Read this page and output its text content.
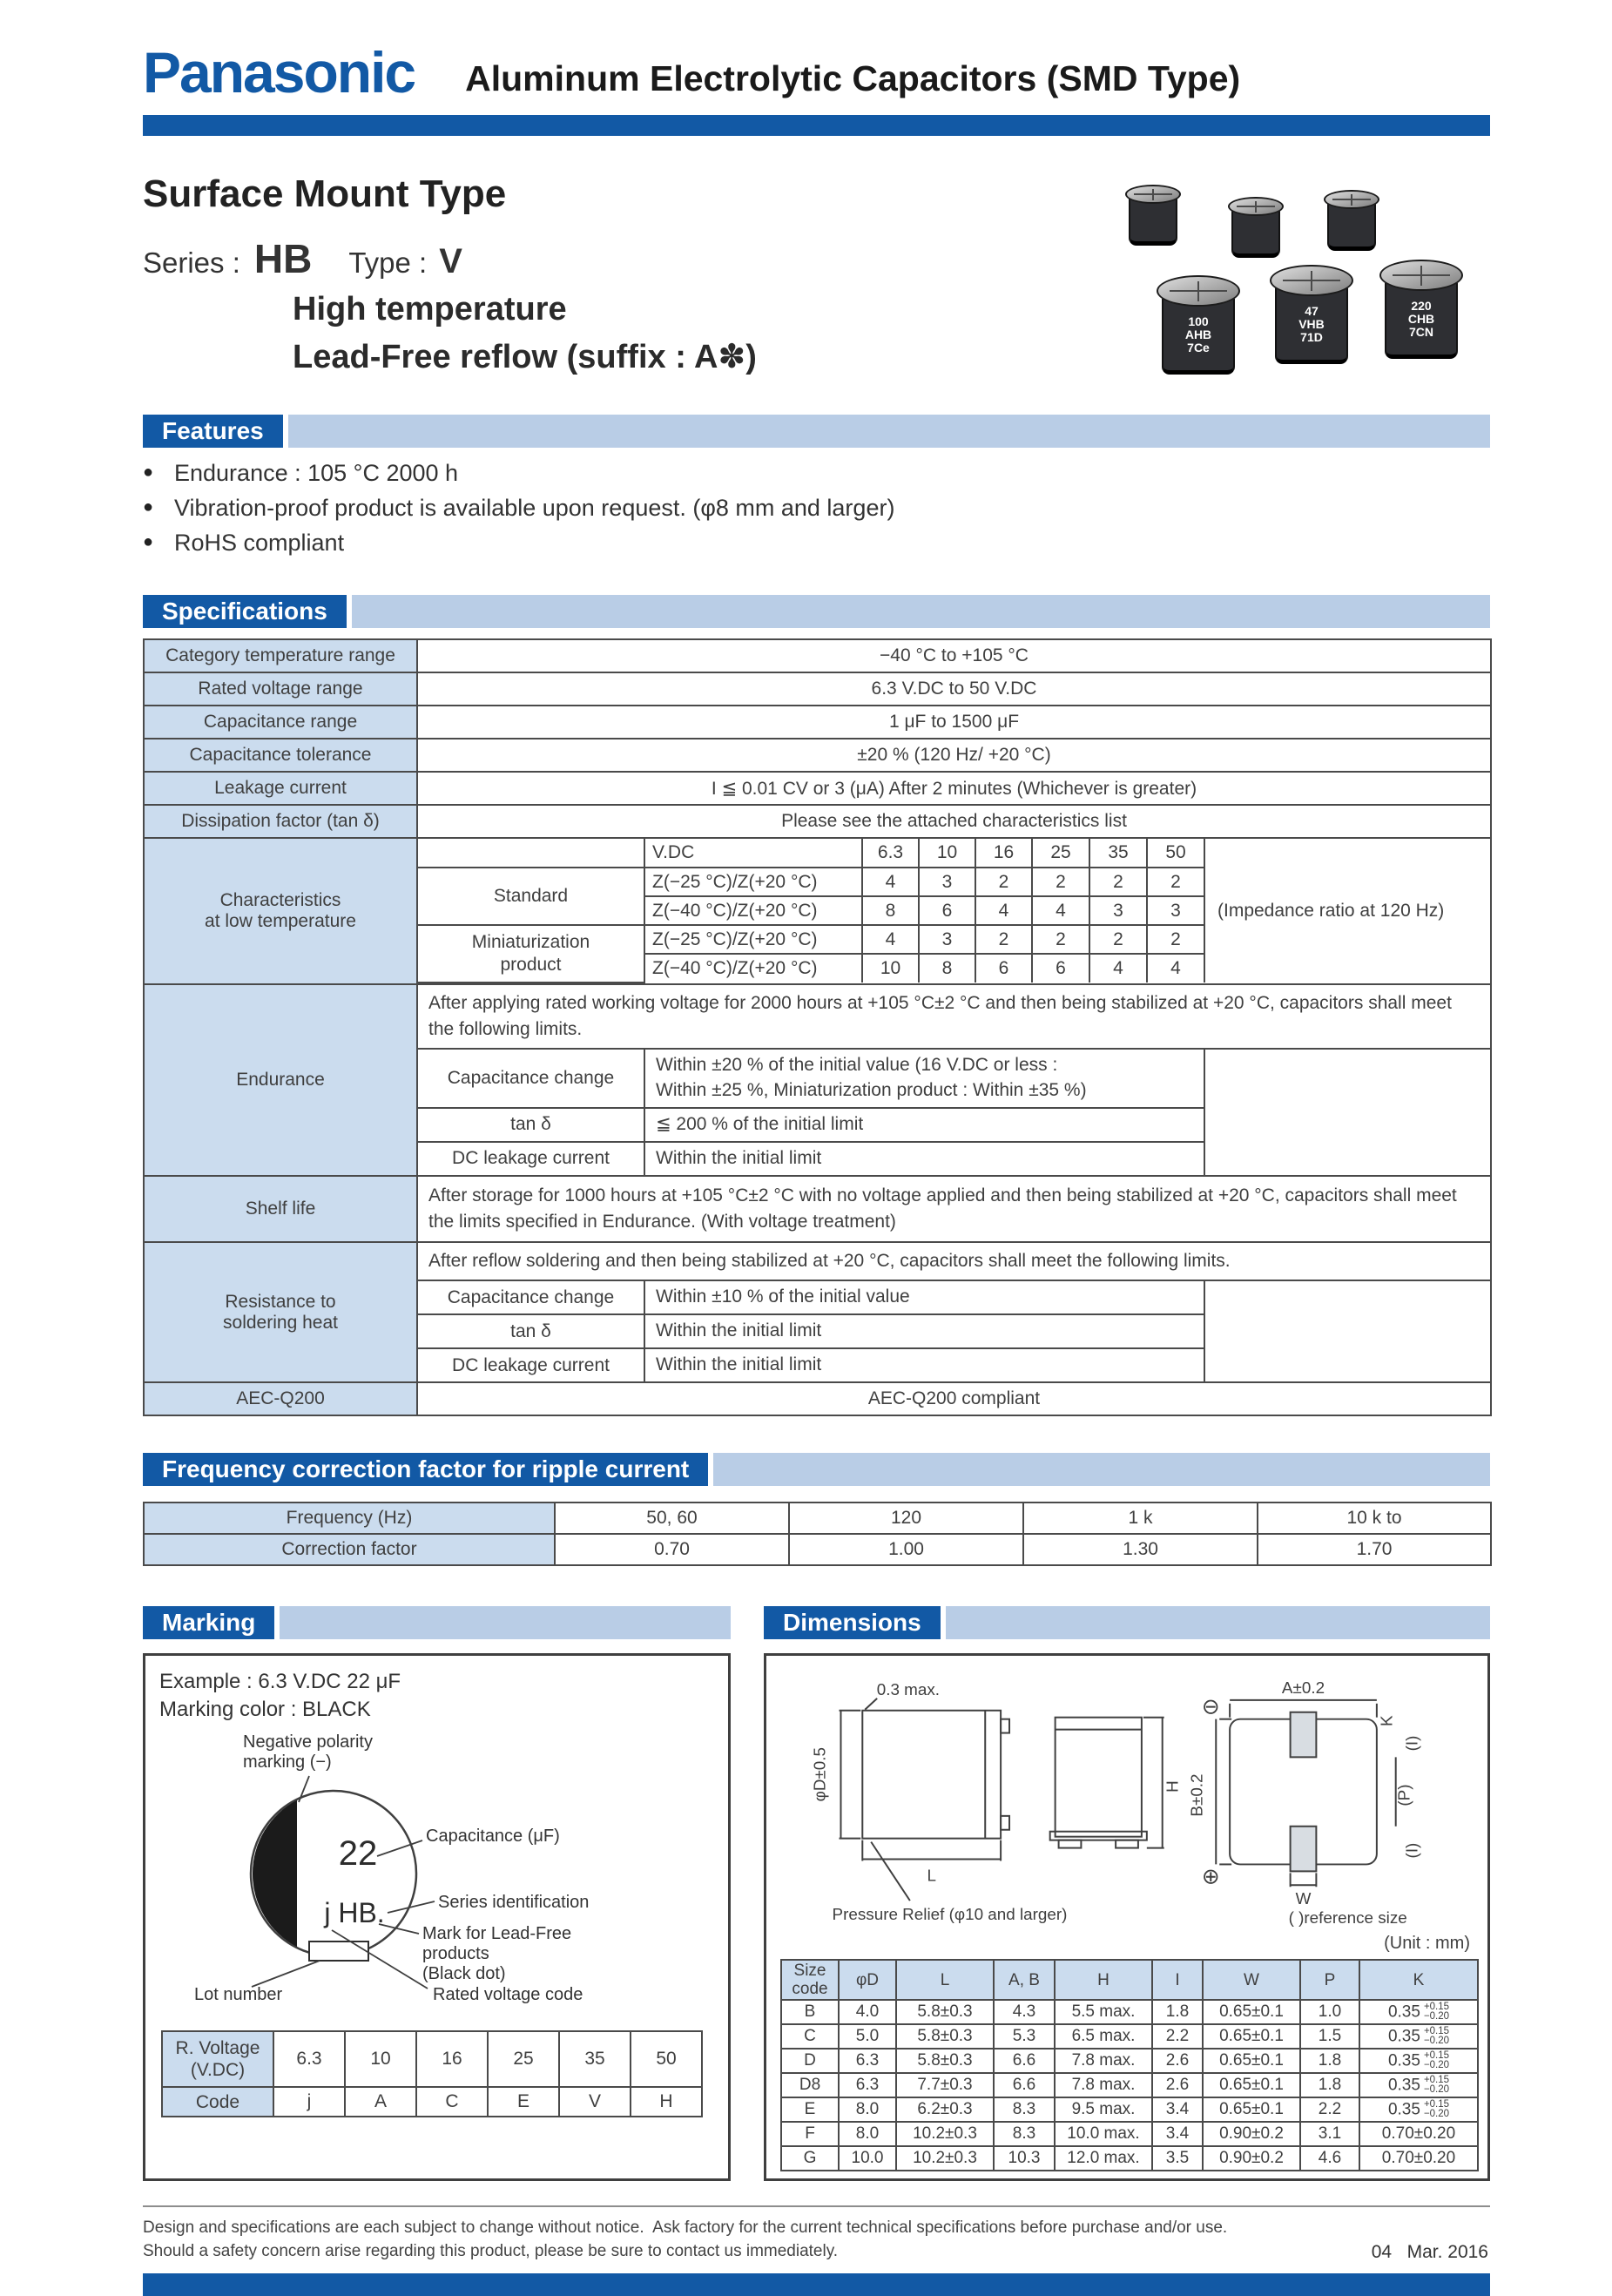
Panasonic Aluminum Electrolytic Capacitors (SMD Type)
Surface Mount Type
Series : HB Type : V
High temperature
Lead-Free reflow (suffix : A✽)
100
AHB
7Ce
47
VHB
71D
220
CHB
7CN
Features
● Endurance : 105 °C 2000 h
● Vibration-proof product is available upon request. (φ8 mm and larger)
● RoHS compliant
Specifications
Category temperature range	−40 °C to +105 °C
Rated voltage range	6.3 V.DC to 50 V.DC
Capacitance range	1 μF to 1500 μF
Capacitance tolerance	±20 % (120 Hz/ +20 °C)
Leakage current	I ≦ 0.01 CV or 3 (μA) After 2 minutes (Whichever is greater)
Dissipation factor (tan δ)	Please see the attached characteristics list
Characteristics
at low temperature	
	V.DC	6.3	10	16	25	35	50
Standard	Z(−25 °C)/Z(+20 °C)	4	3	2	2	2	2
Z(−40 °C)/Z(+20 °C)	8	6	4	4	3	3
Miniaturization
product	Z(−25 °C)/Z(+20 °C)	4	3	2	2	2	2
Z(−40 °C)/Z(+20 °C)	10	8	6	6	4	4
(Impedance ratio at 120 Hz)

Endurance	
After applying rated working voltage for 2000 hours at +105 °C±2 °C and then being stabilized at +20 °C, capacitors shall meet the following limits.
Capacitance change	Within ±20 % of the initial value (16 V.DC or less :
Within ±25 %, Miniaturization product : Within ±35 %)
tan δ	≦ 200 % of the initial limit
DC leakage current	Within the initial limit

Shelf life	After storage for 1000 hours at +105 °C±2 °C with no voltage applied and then being stabilized at +20 °C, capacitors shall meet the limits specified in Endurance. (With voltage treatment)
Resistance to
soldering heat	
After reflow soldering and then being stabilized at +20 °C, capacitors shall meet the following limits.
Capacitance change	Within ±10 % of the initial value
tan δ	Within the initial limit
DC leakage current	Within the initial limit

AEC-Q200	AEC-Q200 compliant
Frequency correction factor for ripple current
Frequency (Hz)	50, 60	120	1 k	10 k to
Correction factor	0.70	1.00	1.30	1.70
Marking
Example : 6.3 V.DC 22 μF
Marking color : BLACK
22
j HB.
Negative polarity
marking (−)
Capacitance (μF)
Series identification
Mark for Lead-Free
products
(Black dot)
Rated voltage code
Lot number
R. Voltage
(V.DC)	6.3	10	16	25	35	50
Code	j	A	C	E	V	H
Dimensions
0.3 max.
φD±0.5
L
Pressure Relief (φ10 and larger)
H
A±0.2
B±0.2	(P)
K
(I)
(I)
W
⊖
⊕
( )reference size
(Unit : mm)
Size
code	φD	L	A, B	H	I	W	P	K
B	4.0	5.8±0.3	4.3	5.5 max.	1.8	0.65±0.1	1.0	0.35 +0.15
−0.20

C	5.0	5.8±0.3	5.3	6.5 max.	2.2	0.65±0.1	1.5	0.35 +0.15
−0.20

D	6.3	5.8±0.3	6.6	7.8 max.	2.6	0.65±0.1	1.8	0.35 +0.15
−0.20

D8	6.3	7.7±0.3	6.6	7.8 max.	2.6	0.65±0.1	1.8	0.35 +0.15
−0.20

E	8.0	6.2±0.3	8.3	9.5 max.	3.4	0.65±0.1	2.2	0.35 +0.15
−0.20

F	8.0	10.2±0.3	8.3	10.0 max.	3.4	0.90±0.2	3.1	0.70±0.20
G	10.0	10.2±0.3	10.3	12.0 max.	3.5	0.90±0.2	4.6	0.70±0.20
Design and specifications are each subject to change without notice.  Ask factory for the current technical specifications before purchase and/or use.
Should a safety concern arise regarding this product, please be sure to contact us immediately.	04   Mar. 2016
